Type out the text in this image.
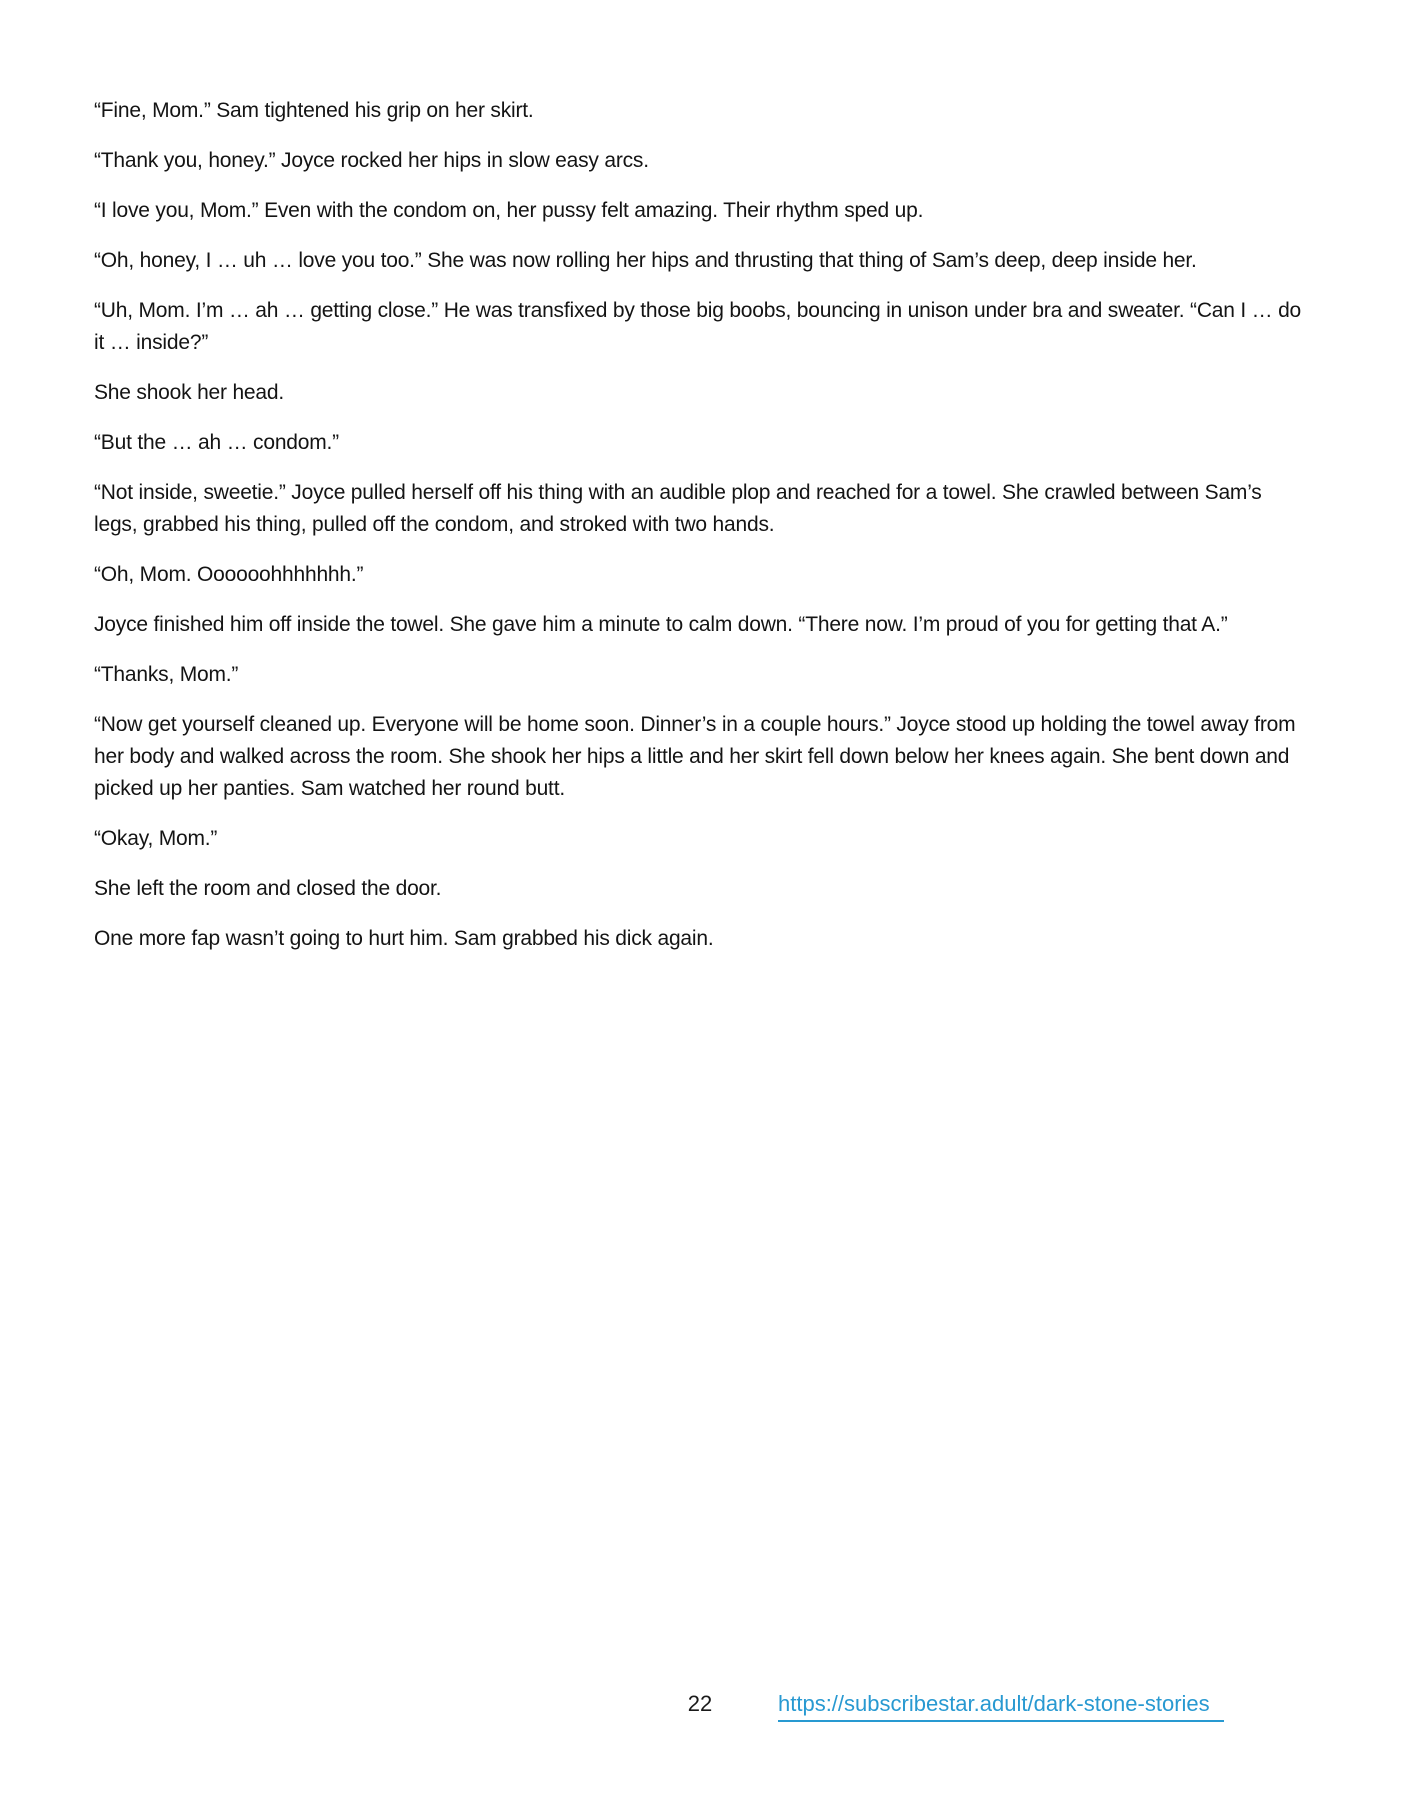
“Fine, Mom.” Sam tightened his grip on her skirt.

“Thank you, honey.” Joyce rocked her hips in slow easy arcs.

“I love you, Mom.” Even with the condom on, her pussy felt amazing. Their rhythm sped up.

“Oh, honey, I … uh … love you too.” She was now rolling her hips and thrusting that thing of Sam’s deep, deep inside her.

“Uh, Mom. I’m … ah … getting close.” He was transfixed by those big boobs, bouncing in unison under bra and sweater. “Can I … do it … inside?”

She shook her head.

“But the … ah … condom.”

“Not inside, sweetie.” Joyce pulled herself off his thing with an audible plop and reached for a towel. She crawled between Sam’s legs, grabbed his thing, pulled off the condom, and stroked with two hands.

“Oh, Mom. Oooooohhhhhhh.”

Joyce finished him off inside the towel. She gave him a minute to calm down. “There now. I’m proud of you for getting that A.”

“Thanks, Mom.”

“Now get yourself cleaned up. Everyone will be home soon. Dinner’s in a couple hours.” Joyce stood up holding the towel away from her body and walked across the room. She shook her hips a little and her skirt fell down below her knees again. She bent down and picked up her panties. Sam watched her round butt.

“Okay, Mom.”

She left the room and closed the door.

One more fap wasn’t going to hurt him. Sam grabbed his dick again.

22	https://subscribestar.adult/dark-stone-stories
